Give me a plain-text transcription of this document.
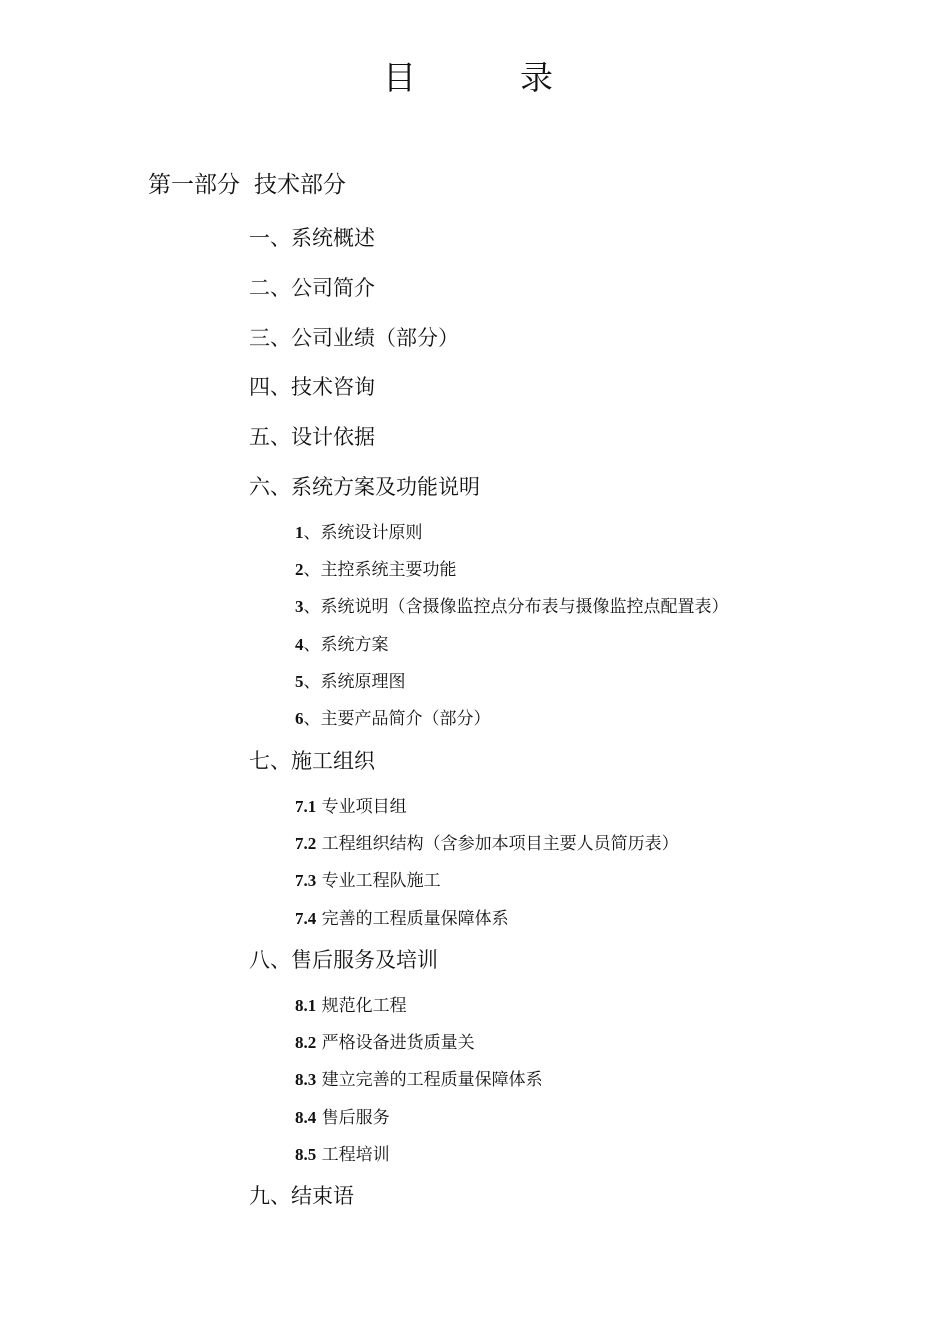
目	录
第一部分 技术部分
一、系统概述
二、公司简介
三、公司业绩（部分）
四、技术咨询
五、设计依据
六、系统方案及功能说明
1、系统设计原则
2、主控系统主要功能
3、系统说明（含摄像监控点分布表与摄像监控点配置表）
4、系统方案
5、系统原理图
6、主要产品简介（部分）
七、施工组织
7.1 专业项目组
7.2 工程组织结构（含参加本项目主要人员简历表）
7.3 专业工程队施工
7.4 完善的工程质量保障体系
八、售后服务及培训
8.1 规范化工程
8.2 严格设备进货质量关
8.3 建立完善的工程质量保障体系
8.4 售后服务
8.5 工程培训
九、结束语
